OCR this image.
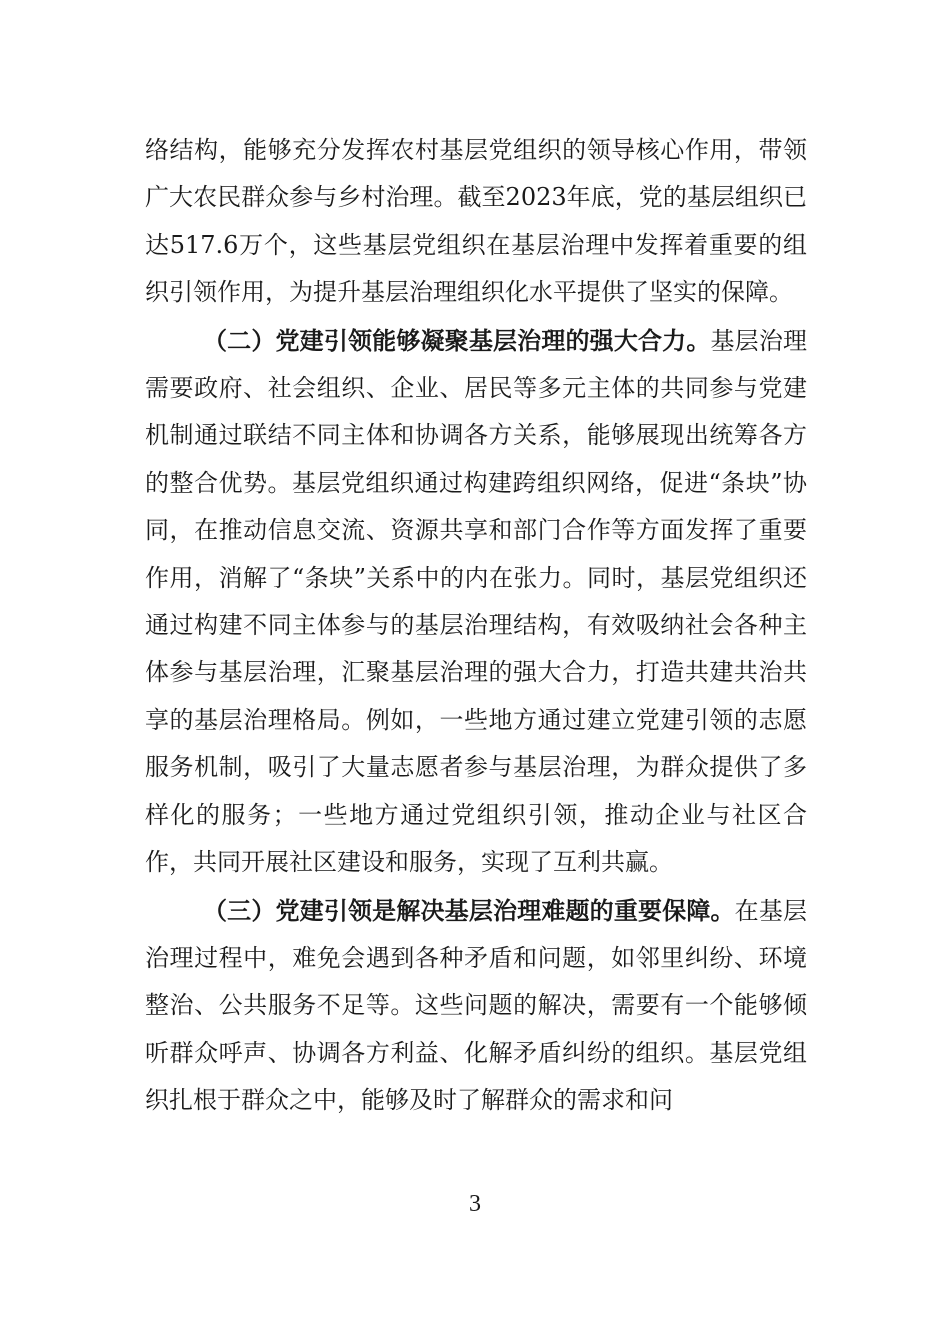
络结构，能够充分发挥农村基层党组织的领导核心作用，带领广大农民群众参与乡村治理。截至2023年底，党的基层组织已达517.6万个，这些基层党组织在基层治理中发挥着重要的组织引领作用，为提升基层治理组织化水平提供了坚实的保障。

（二）党建引领能够凝聚基层治理的强大合力。基层治理需要政府、社会组织、企业、居民等多元主体的共同参与党建机制通过联结不同主体和协调各方关系，能够展现出统筹各方的整合优势。基层党组织通过构建跨组织网络，促进“条块”协同，在推动信息交流、资源共享和部门合作等方面发挥了重要作用，消解了“条块”关系中的内在张力。同时，基层党组织还通过构建不同主体参与的基层治理结构，有效吸纳社会各种主体参与基层治理，汇聚基层治理的强大合力，打造共建共治共享的基层治理格局。例如，一些地方通过建立党建引领的志愿服务机制，吸引了大量志愿者参与基层治理，为群众提供了多样化的服务；一些地方通过党组织引领，推动企业与社区合作，共同开展社区建设和服务，实现了互利共赢。

（三）党建引领是解决基层治理难题的重要保障。在基层治理过程中，难免会遇到各种矛盾和问题，如邻里纠纷、环境整治、公共服务不足等。这些问题的解决，需要有一个能够倾听群众呼声、协调各方利益、化解矛盾纠纷的组织。基层党组织扎根于群众之中，能够及时了解群众的需求和问

3
